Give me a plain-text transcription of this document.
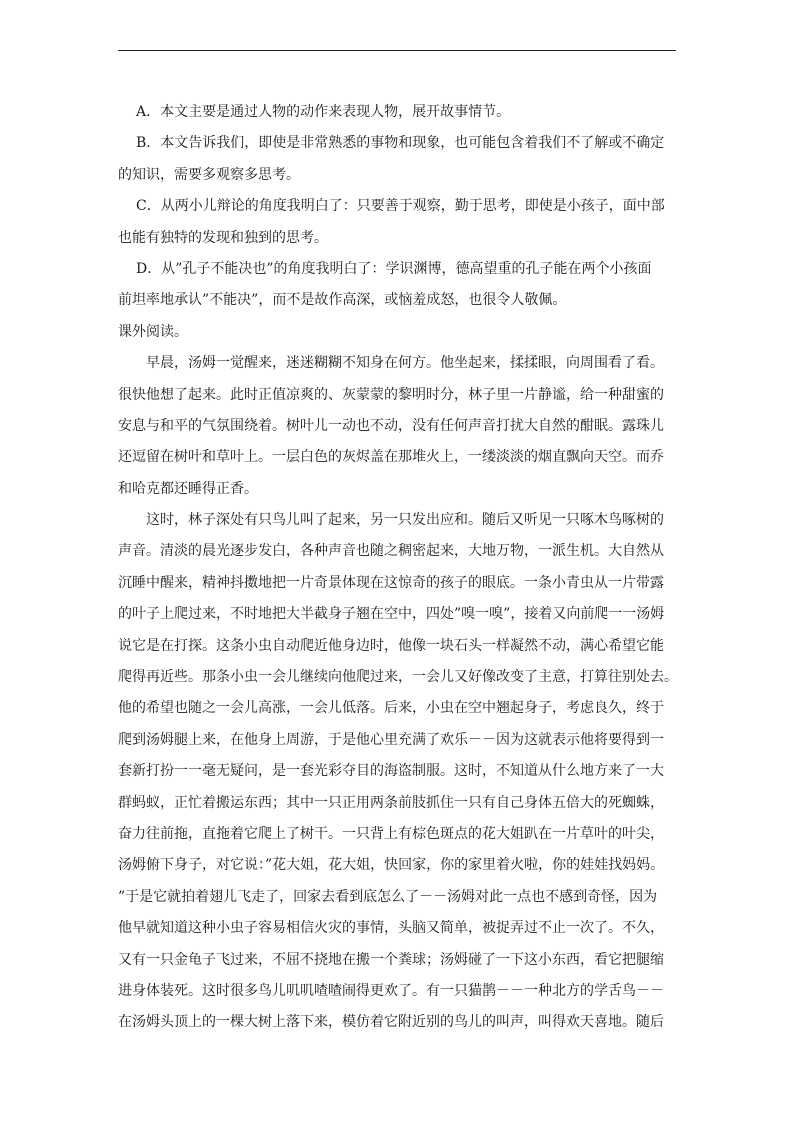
A．本文主要是通过人物的动作来表现人物，展开故事情节。
B．本文告诉我们，即使是非常熟悉的事物和现象，也可能包含着我们不了解或不确定
的知识，需要多观察多思考。
C．从两小儿辩论的角度我明白了：只要善于观察，勤于思考，即使是小孩子，面中部
也能有独特的发现和独到的思考。
D．从”孔子不能决也”的角度我明白了：学识渊博，德高望重的孔子能在两个小孩面
前坦率地承认”不能决”，而不是故作高深，或恼羞成怒，也很令人敬佩。
课外阅读。
早晨，汤姆一觉醒来，迷迷糊糊不知身在何方。他坐起来，揉揉眼，向周围看了看。
很快他想了起来。此时正值凉爽的、灰蒙蒙的黎明时分，林子里一片静谧，给一种甜蜜的
安息与和平的气氛围绕着。树叶儿一动也不动，没有任何声音打扰大自然的酣眠。露珠儿
还逗留在树叶和草叶上。一层白色的灰烬盖在那堆火上，一缕淡淡的烟直飘向天空。而乔
和哈克都还睡得正香。
这时，林子深处有只鸟儿叫了起来，另一只发出应和。随后又听见一只啄木鸟啄树的
声音。清淡的晨光逐步发白，各种声音也随之稠密起来，大地万物，一派生机。大自然从
沉睡中醒来，精神抖擞地把一片奇景体现在这惊奇的孩子的眼底。一条小青虫从一片带露
的叶子上爬过来，不时地把大半截身子翘在空中，四处”嗅一嗅”，接着又向前爬一一汤姆
说它是在打探。这条小虫自动爬近他身边时，他像一块石头一样凝然不动，满心希望它能
爬得再近些。那条小虫一会儿继续向他爬过来，一会儿又好像改变了主意，打算往别处去。
他的希望也随之一会儿高涨，一会儿低落。后来，小虫在空中翘起身子，考虑良久，终于
爬到汤姆腿上来，在他身上周游，于是他心里充满了欢乐－－因为这就表示他将要得到一
套新打扮一一毫无疑问，是一套光彩夺目的海盗制服。这时，不知道从什么地方来了一大
群蚂蚁，正忙着搬运东西；其中一只正用两条前肢抓住一只有自己身体五倍大的死蜘蛛，
奋力往前拖，直拖着它爬上了树干。一只背上有棕色斑点的花大姐趴在一片草叶的叶尖，
汤姆俯下身子，对它说：”花大姐，花大姐，快回家，你的家里着火啦，你的娃娃找妈妈。
”于是它就拍着翅儿飞走了，回家去看到底怎么了－－汤姆对此一点也不感到奇怪，因为
他早就知道这种小虫子容易相信火灾的事情，头脑又简单，被捉弄过不止一次了。不久，
又有一只金龟子飞过来，不屈不挠地在搬一个粪球；汤姆碰了一下这小东西，看它把腿缩
进身体装死。这时很多鸟儿叽叽喳喳闹得更欢了。有一只猫鹊－－一种北方的学舌鸟－－
在汤姆头顶上的一棵大树上落下来，模仿着它附近别的鸟儿的叫声，叫得欢天喜地。随后
